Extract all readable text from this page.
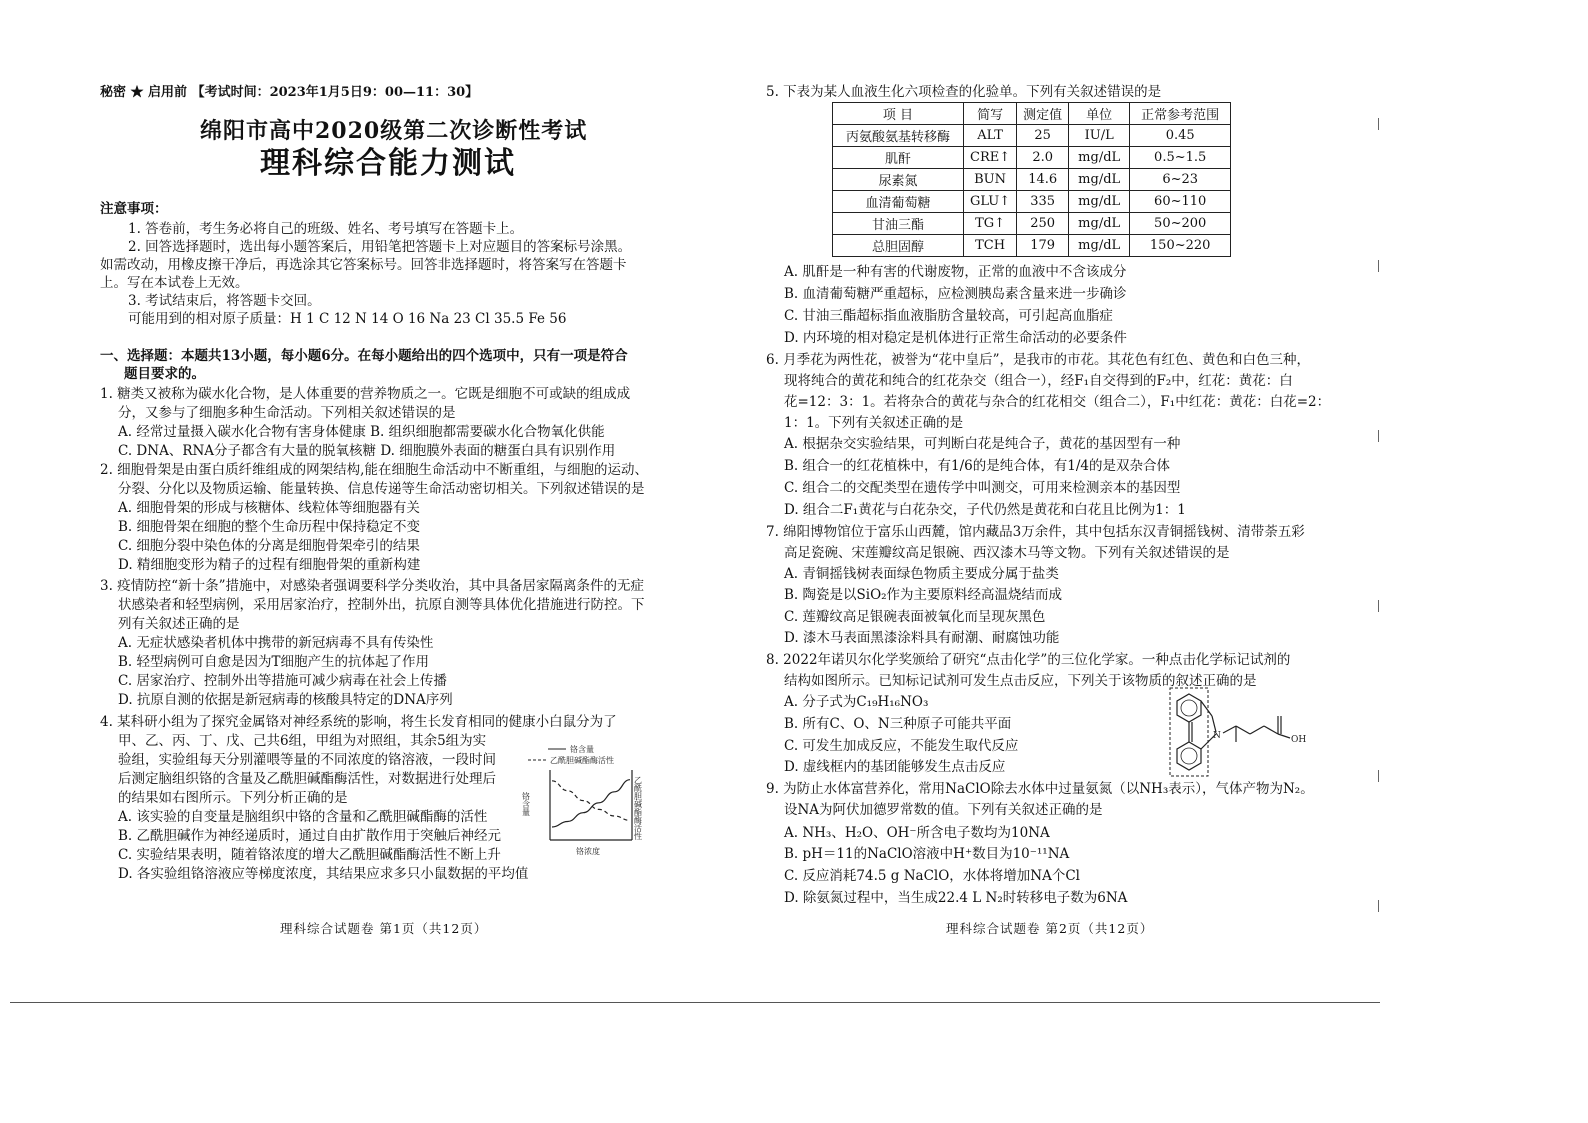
秘密 ★ 启用前 【考试时间：2023年1月5日9：00—11：30】
绵阳市高中2020级第二次诊断性考试
理科综合能力测试
注意事项：
1. 答卷前，考生务必将自己的班级、姓名、考号填写在答题卡上。
2. 回答选择题时，选出每小题答案后，用铅笔把答题卡上对应题目的答案标号涂黑。
如需改动，用橡皮擦干净后，再选涂其它答案标号。回答非选择题时，将答案写在答题卡
上。写在本试卷上无效。
3. 考试结束后，将答题卡交回。
可能用到的相对原子质量：H 1 C 12 N 14 O 16 Na 23 Cl 35.5 Fe 56
一、选择题：本题共13小题，每小题6分。在每小题给出的四个选项中，只有一项是符合
题目要求的。
1. 糖类又被称为碳水化合物，是人体重要的营养物质之一。它既是细胞不可或缺的组成成
分，又参与了细胞多种生命活动。下列相关叙述错误的是
A. 经常过量摄入碳水化合物有害身体健康 B. 组织细胞都需要碳水化合物氧化供能
C. DNA、RNA分子都含有大量的脱氧核糖 D. 细胞膜外表面的糖蛋白具有识别作用
2. 细胞骨架是由蛋白质纤维组成的网架结构,能在细胞生命活动中不断重组，与细胞的运动、
分裂、分化以及物质运输、能量转换、信息传递等生命活动密切相关。下列叙述错误的是
A. 细胞骨架的形成与核糖体、线粒体等细胞器有关
B. 细胞骨架在细胞的整个生命历程中保持稳定不变
C. 细胞分裂中染色体的分离是细胞骨架牵引的结果
D. 精细胞变形为精子的过程有细胞骨架的重新构建
3. 疫情防控“新十条”措施中，对感染者强调要科学分类收治，其中具备居家隔离条件的无症
状感染者和轻型病例，采用居家治疗，控制外出，抗原自测等具体优化措施进行防控。下
列有关叙述正确的是
A. 无症状感染者机体中携带的新冠病毒不具有传染性
B. 轻型病例可自愈是因为T细胞产生的抗体起了作用
C. 居家治疗、控制外出等措施可减少病毒在社会上传播
D. 抗原自测的依据是新冠病毒的核酸具特定的DNA序列
4. 某科研小组为了探究金属铬对神经系统的影响，将生长发育相同的健康小白鼠分为了
甲、乙、丙、丁、戊、己共6组，甲组为对照组，其余5组为实
验组，实验组每天分别灌喂等量的不同浓度的铬溶液，一段时间
后测定脑组织铬的含量及乙酰胆碱酯酶活性，对数据进行处理后
的结果如右图所示。下列分析正确的是
A. 该实验的自变量是脑组织中铬的含量和乙酰胆碱酯酶的活性
B. 乙酰胆碱作为神经递质时，通过自由扩散作用于突触后神经元
C. 实验结果表明，随着铬浓度的增大乙酰胆碱酯酶活性不断上升
D. 各实验组铬溶液应等梯度浓度，其结果应求多只小鼠数据的平均值
铬含量
乙酰胆碱酯酶活性
铬含量	乙酰胆碱酯酶活性
铬浓度
理科综合试题卷 第1页（共12页）
5. 下表为某人血液生化六项检查的化验单。下列有关叙述错误的是
项 目	简写	测定值	单位	正常参考范围
丙氨酸氨基转移酶	ALT	25	IU/L	0.45
肌酐	CRE↑	2.0	mg/dL	0.5~1.5
尿素氮	BUN	14.6	mg/dL	6~23
血清葡萄糖	GLU↑	335	mg/dL	60~110
甘油三酯	TG↑	250	mg/dL	50~200
总胆固醇	TCH	179	mg/dL	150~220
A. 肌酐是一种有害的代谢废物，正常的血液中不含该成分
B. 血清葡萄糖严重超标，应检测胰岛素含量来进一步确诊
C. 甘油三酯超标指血液脂肪含量较高，可引起高血脂症
D. 内环境的相对稳定是机体进行正常生命活动的必要条件
6. 月季花为两性花，被誉为“花中皇后”，是我市的市花。其花色有红色、黄色和白色三种，
现将纯合的黄花和纯合的红花杂交（组合一），经F₁自交得到的F₂中，红花：黄花：白
花=12：3：1。若将杂合的黄花与杂合的红花相交（组合二），F₁中红花：黄花：白花=2：
1：1。下列有关叙述正确的是
A. 根据杂交实验结果，可判断白花是纯合子，黄花的基因型有一种
B. 组合一的红花植株中，有1/6的是纯合体，有1/4的是双杂合体
C. 组合二的交配类型在遗传学中叫测交，可用来检测亲本的基因型
D. 组合二F₁黄花与白花杂交，子代仍然是黄花和白花且比例为1：1
7. 绵阳博物馆位于富乐山西麓，馆内藏品3万余件，其中包括东汉青铜摇钱树、清带荼五彩
高足瓷碗、宋莲瓣纹高足银碗、西汉漆木马等文物。下列有关叙述错误的是
A. 青铜摇钱树表面绿色物质主要成分属于盐类
B. 陶瓷是以SiO₂作为主要原料经高温烧结而成
C. 莲瓣纹高足银碗表面被氧化而呈现灰黑色
D. 漆木马表面黑漆涂料具有耐潮、耐腐蚀功能
8. 2022年诺贝尔化学奖颁给了研究“点击化学”的三位化学家。一种点击化学标记试剂的
结构如图所示。已知标记试剂可发生点击反应，下列关于该物质的叙述正确的是
A. 分子式为C₁₉H₁₆NO₃
B. 所有C、O、N三种原子可能共平面
C. 可发生加成反应，不能发生取代反应
D. 虚线框内的基团能够发生点击反应
9. 为防止水体富营养化，常用NaClO除去水体中过量氨氮（以NH₃表示），气体产物为N₂。
设NA为阿伏加德罗常数的值。下列有关叙述正确的是
A. NH₃、H₂O、OH⁻所含电子数均为10NA
B. pH＝11的NaClO溶液中H⁺数目为10⁻¹¹NA
C. 反应消耗74.5 g NaClO，水体将增加NA个Cl
D. 除氨氮过程中，当生成22.4 L N₂时转移电子数为6NA
N	OH
理科综合试题卷 第2页（共12页）
